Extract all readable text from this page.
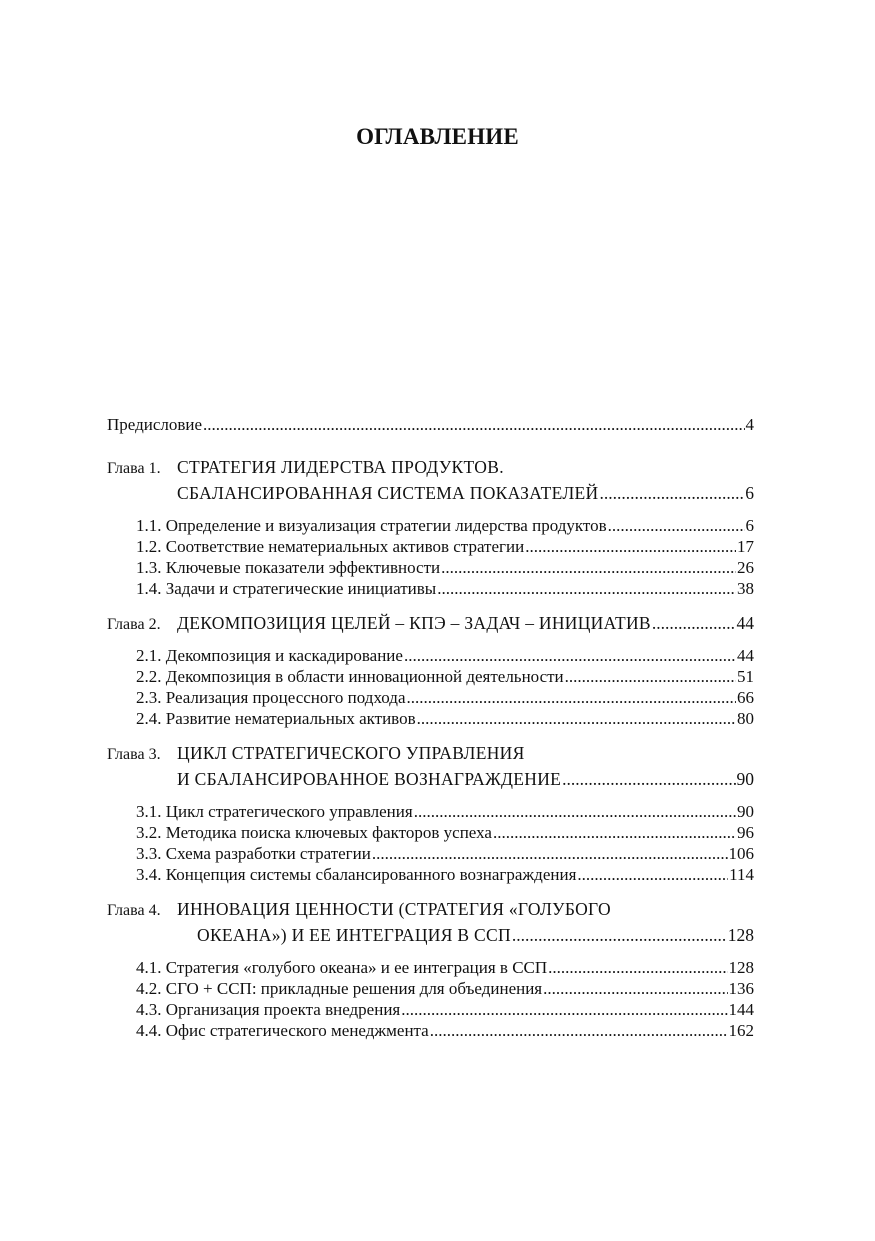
ОГЛАВЛЕНИЕ
Предисловие .....	4
Глава 1. СТРАТЕГИЯ ЛИДЕРСТВА ПРОДУКТОВ.
СБАЛАНСИРОВАННАЯ СИСТЕМА ПОКАЗАТЕЛЕЙ .....	6
1.1. Определение и визуализация стратегии лидерства продуктов .....	6
1.2. Соответствие нематериальных активов стратегии .....	17
1.3. Ключевые показатели эффективности .....	26
1.4. Задачи и стратегические инициативы .....	38
Глава 2. ДЕКОМПОЗИЦИЯ ЦЕЛЕЙ – КПЭ – ЗАДАЧ – ИНИЦИАТИВ .....	44
2.1. Декомпозиция и каскадирование .....	44
2.2. Декомпозиция в области инновационной деятельности .....	51
2.3. Реализация процессного подхода .....	66
2.4. Развитие нематериальных активов .....	80
Глава 3. ЦИКЛ СТРАТЕГИЧЕСКОГО УПРАВЛЕНИЯ
И СБАЛАНСИРОВАННОЕ ВОЗНАГРАЖДЕНИЕ .....	90
3.1. Цикл стратегического управления .....	90
3.2. Методика поиска ключевых факторов успеха .....	96
3.3. Схема разработки стратегии .....	106
3.4. Концепция системы сбалансированного вознаграждения .....	114
Глава 4. ИННОВАЦИЯ ЦЕННОСТИ (СТРАТЕГИЯ «ГОЛУБОГО
ОКЕАНА») И ЕЕ ИНТЕГРАЦИЯ В ССП .....	128
4.1. Стратегия «голубого океана» и ее интеграция в ССП .....	128
4.2. СГО + ССП: прикладные решения для объединения .....	136
4.3. Организация проекта внедрения .....	144
4.4. Офис стратегического менеджмента .....	162
